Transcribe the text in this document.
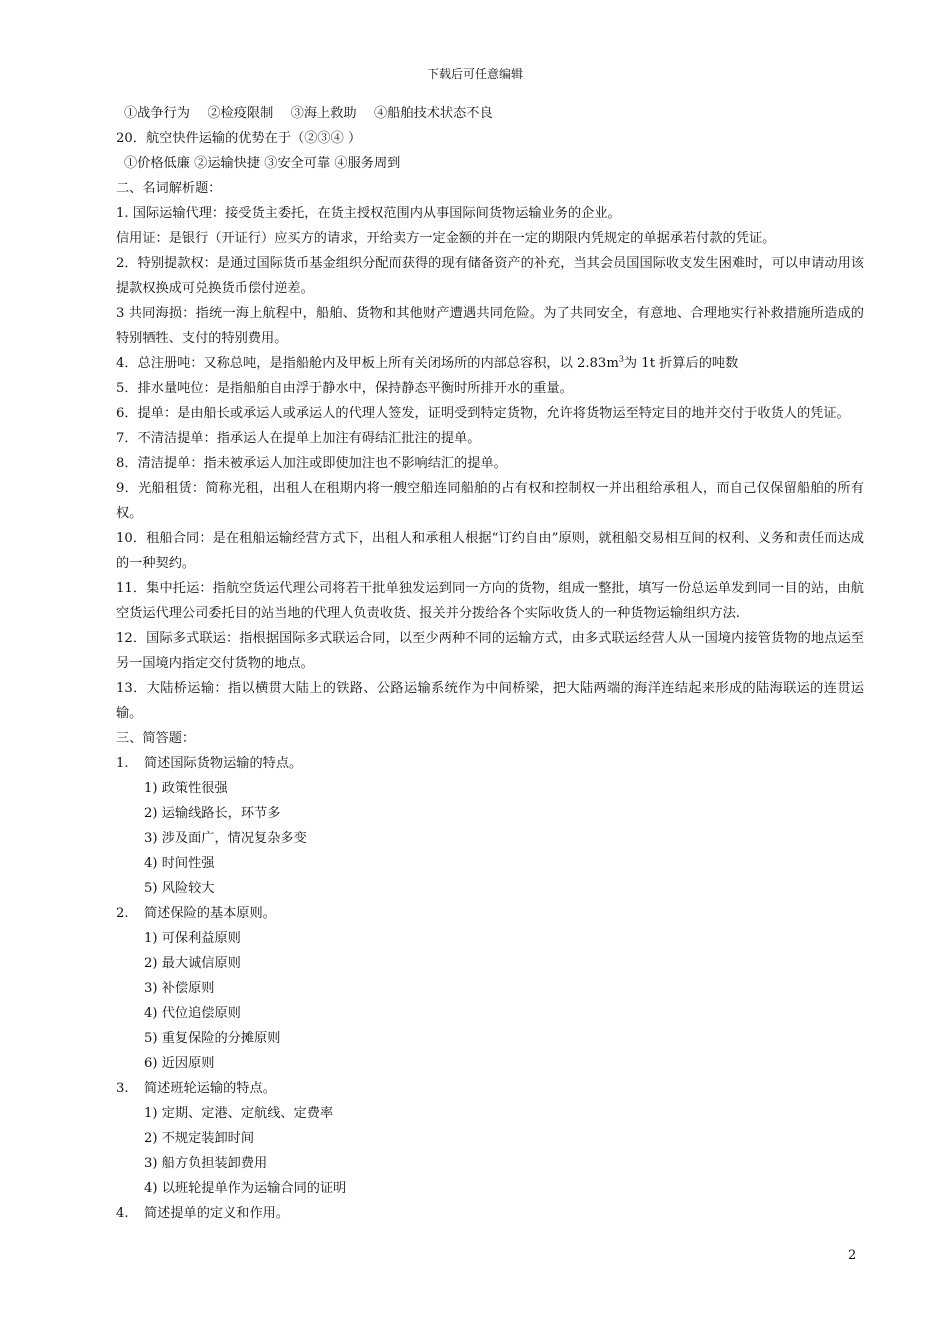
下载后可任意编辑
①战争行为　 ②检疫限制　 ③海上救助　 ④船舶技术状态不良
20．航空快件运输的优势在于（②③④ ）
①价格低廉 ②运输快捷 ③安全可靠 ④服务周到
二、名词解析题：
1. 国际运输代理：接受货主委托，在货主授权范围内从事国际间货物运输业务的企业。
信用证：是银行（开证行）应买方的请求，开给卖方一定金额的并在一定的期限内凭规定的单据承若付款的凭证。
2．特别提款权：是通过国际货币基金组织分配而获得的现有储备资产的补充，当其会员国国际收支发生困难时，可以申请动用该提款权换成可兑换货币偿付逆差。
3 共同海损：指统一海上航程中，船舶、货物和其他财产遭遇共同危险。为了共同安全，有意地、合理地实行补救措施所造成的特别牺牲、支付的特别费用。
4．总注册吨：又称总吨，是指船舱内及甲板上所有关闭场所的内部总容积，以 $2.83m^3$为 1t 折算后的吨数
5．排水量吨位：是指船舶自由浮于静水中，保持静态平衡时所排开水的重量。
6．提单：是由船长或承运人或承运人的代理人签发，证明受到特定货物，允许将货物运至特定目的地并交付于收货人的凭证。
7．不清洁提单：指承运人在提单上加注有碍结汇批注的提单。
8．清洁提单：指未被承运人加注或即使加注也不影响结汇的提单。
9．光船租赁：简称光租，出租人在租期内将一艘空船连同船舶的占有权和控制权一并出租给承租人，而自己仅保留船舶的所有权。
10．租船合同：是在租船运输经营方式下，出租人和承租人根据“订约自由”原则，就租船交易相互间的权利、义务和责任而达成的一种契约。
11．集中托运：指航空货运代理公司将若干批单独发运到同一方向的货物，组成一整批，填写一份总运单发到同一目的站，由航空货运代理公司委托目的站当地的代理人负责收货、报关并分拨给各个实际收货人的一种货物运输组织方法.
12．国际多式联运：指根据国际多式联运合同，以至少两种不同的运输方式，由多式联运经营人从一国境内接管货物的地点运至另一国境内指定交付货物的地点。
13．大陆桥运输：指以横贯大陆上的铁路、公路运输系统作为中间桥梁，把大陆两端的海洋连结起来形成的陆海联运的连贯运输。
三、简答题：
1.	简述国际货物运输的特点。
1) 政策性很强
2) 运输线路长，环节多
3) 涉及面广，情况复杂多变
4) 时间性强
5) 风险较大
2.	简述保险的基本原则。
1) 可保利益原则
2) 最大诚信原则
3) 补偿原则
4) 代位追偿原则
5) 重复保险的分摊原则
6) 近因原则
3.	简述班轮运输的特点。
1) 定期、定港、定航线、定费率
2) 不规定装卸时间
3) 船方负担装卸费用
4) 以班轮提单作为运输合同的证明
4.	简述提单的定义和作用。
2
